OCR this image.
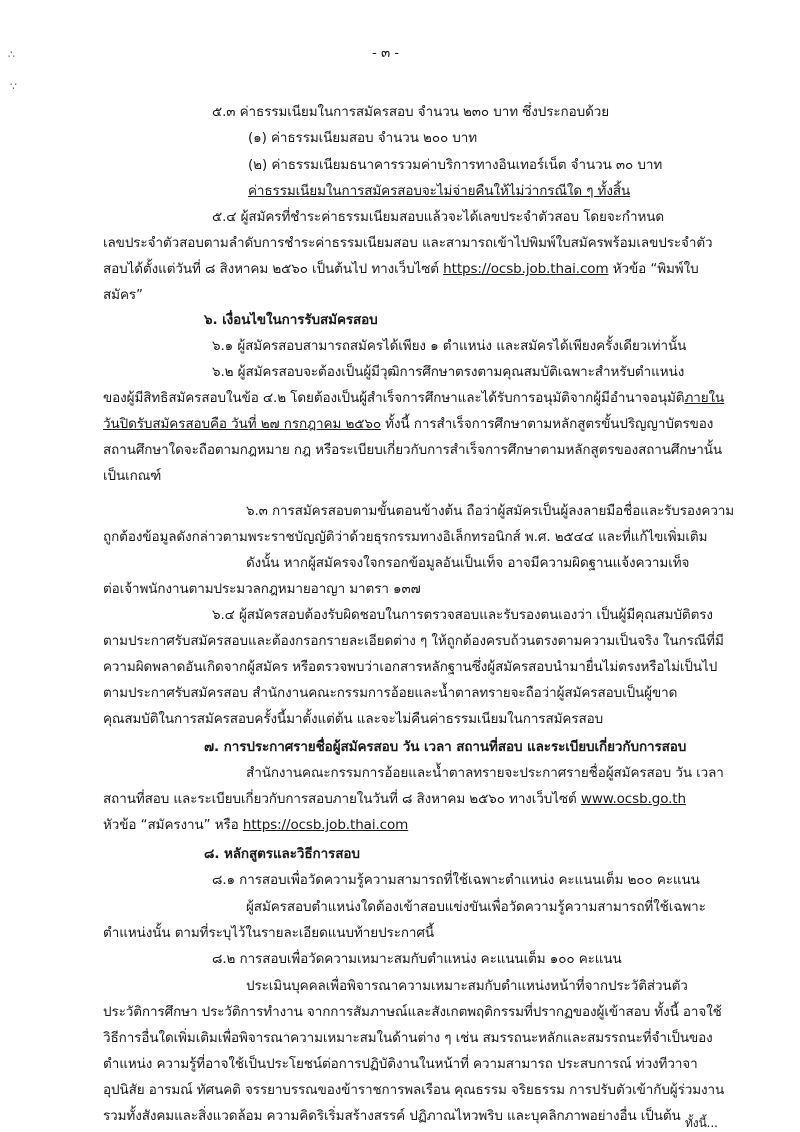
∴
∵
- ๓ -
๕.๓ ค่าธรรมเนียมในการสมัครสอบ จำนวน ๒๓๐ บาท ซึ่งประกอบด้วย
(๑) ค่าธรรมเนียมสอบ จำนวน ๒๐๐ บาท
(๒) ค่าธรรมเนียมธนาคารรวมค่าบริการทางอินเทอร์เน็ต จำนวน ๓๐ บาท
ค่าธรรมเนียมในการสมัครสอบจะไม่จ่ายคืนให้ไม่ว่ากรณีใด ๆ ทั้งสิ้น
๕.๔ ผู้สมัครที่ชำระค่าธรรมเนียมสอบแล้วจะได้เลขประจำตัวสอบ โดยจะกำหนด
เลขประจำตัวสอบตามลำดับการชำระค่าธรรมเนียมสอบ และสามารถเข้าไปพิมพ์ใบสมัครพร้อมเลขประจำตัว
สอบได้ตั้งแต่วันที่ ๘ สิงหาคม ๒๕๖๐ เป็นต้นไป ทางเว็บไซต์ https://ocsb.job.thai.com หัวข้อ “พิมพ์ใบ
สมัคร”
๖. เงื่อนไขในการรับสมัครสอบ
๖.๑ ผู้สมัครสอบสามารถสมัครได้เพียง ๑ ตำแหน่ง และสมัครได้เพียงครั้งเดียวเท่านั้น
๖.๒ ผู้สมัครสอบจะต้องเป็นผู้มีวุฒิการศึกษาตรงตามคุณสมบัติเฉพาะสำหรับตำแหน่ง
ของผู้มีสิทธิสมัครสอบในข้อ ๔.๒ โดยต้องเป็นผู้สำเร็จการศึกษาและได้รับการอนุมัติจากผู้มีอำนาจอนุมัติภายใน
วันปิดรับสมัครสอบคือ วันที่ ๒๗ กรกฎาคม ๒๕๖๐ ทั้งนี้ การสำเร็จการศึกษาตามหลักสูตรขั้นปริญญาบัตรของ
สถานศึกษาใดจะถือตามกฎหมาย กฎ หรือระเบียบเกี่ยวกับการสำเร็จการศึกษาตามหลักสูตรของสถานศึกษานั้น
เป็นเกณฑ์
๖.๓ การสมัครสอบตามขั้นตอนข้างต้น ถือว่าผู้สมัครเป็นผู้ลงลายมือชื่อและรับรองความ
ถูกต้องข้อมูลดังกล่าวตามพระราชบัญญัติว่าด้วยธุรกรรมทางอิเล็กทรอนิกส์ พ.ศ. ๒๕๔๔ และที่แก้ไขเพิ่มเติม
ดังนั้น หากผู้สมัครจงใจกรอกข้อมูลอันเป็นเท็จ อาจมีความผิดฐานแจ้งความเท็จ
ต่อเจ้าพนักงานตามประมวลกฎหมายอาญา มาตรา ๑๓๗
๖.๔ ผู้สมัครสอบต้องรับผิดชอบในการตรวจสอบและรับรองตนเองว่า เป็นผู้มีคุณสมบัติตรง
ตามประกาศรับสมัครสอบและต้องกรอกรายละเอียดต่าง ๆ ให้ถูกต้องครบถ้วนตรงตามความเป็นจริง ในกรณีที่มี
ความผิดพลาดอันเกิดจากผู้สมัคร หรือตรวจพบว่าเอกสารหลักฐานซึ่งผู้สมัครสอบนำมายื่นไม่ตรงหรือไม่เป็นไป
ตามประกาศรับสมัครสอบ สำนักงานคณะกรรมการอ้อยและน้ำตาลทรายจะถือว่าผู้สมัครสอบเป็นผู้ขาด
คุณสมบัติในการสมัครสอบครั้งนี้มาตั้งแต่ต้น และจะไม่คืนค่าธรรมเนียมในการสมัครสอบ
๗. การประกาศรายชื่อผู้สมัครสอบ วัน เวลา สถานที่สอบ และระเบียบเกี่ยวกับการสอบ
สำนักงานคณะกรรมการอ้อยและน้ำตาลทรายจะประกาศรายชื่อผู้สมัครสอบ วัน เวลา
สถานที่สอบ และระเบียบเกี่ยวกับการสอบภายในวันที่ ๘ สิงหาคม ๒๕๖๐ ทางเว็บไซต์ www.ocsb.go.th
หัวข้อ “สมัครงาน” หรือ https://ocsb.job.thai.com
๘. หลักสูตรและวิธีการสอบ
๘.๑ การสอบเพื่อวัดความรู้ความสามารถที่ใช้เฉพาะตำแหน่ง คะแนนเต็ม ๒๐๐ คะแนน
ผู้สมัครสอบตำแหน่งใดต้องเข้าสอบแข่งขันเพื่อวัดความรู้ความสามารถที่ใช้เฉพาะ
ตำแหน่งนั้น ตามที่ระบุไว้ในรายละเอียดแนบท้ายประกาศนี้
๘.๒ การสอบเพื่อวัดความเหมาะสมกับตำแหน่ง คะแนนเต็ม ๑๐๐ คะแนน
ประเมินบุคคลเพื่อพิจารณาความเหมาะสมกับตำแหน่งหน้าที่จากประวัติส่วนตัว
ประวัติการศึกษา ประวัติการทำงาน จากการสัมภาษณ์และสังเกตพฤติกรรมที่ปรากฏของผู้เข้าสอบ ทั้งนี้ อาจใช้
วิธีการอื่นใดเพิ่มเติมเพื่อพิจารณาความเหมาะสมในด้านต่าง ๆ เช่น สมรรถนะหลักและสมรรถนะที่จำเป็นของ
ตำแหน่ง ความรู้ที่อาจใช้เป็นประโยชน์ต่อการปฏิบัติงานในหน้าที่ ความสามารถ ประสบการณ์ ท่วงทีวาจา
อุปนิสัย อารมณ์ ทัศนคติ จรรยาบรรณของข้าราชการพลเรือน คุณธรรม จริยธรรม การปรับตัวเข้ากับผู้ร่วมงาน
รวมทั้งสังคมและสิ่งแวดล้อม ความคิดริเริ่มสร้างสรรค์ ปฏิภาณไหวพริบ และบุคลิกภาพอย่างอื่น เป็นต้น ทั้งนี้...
